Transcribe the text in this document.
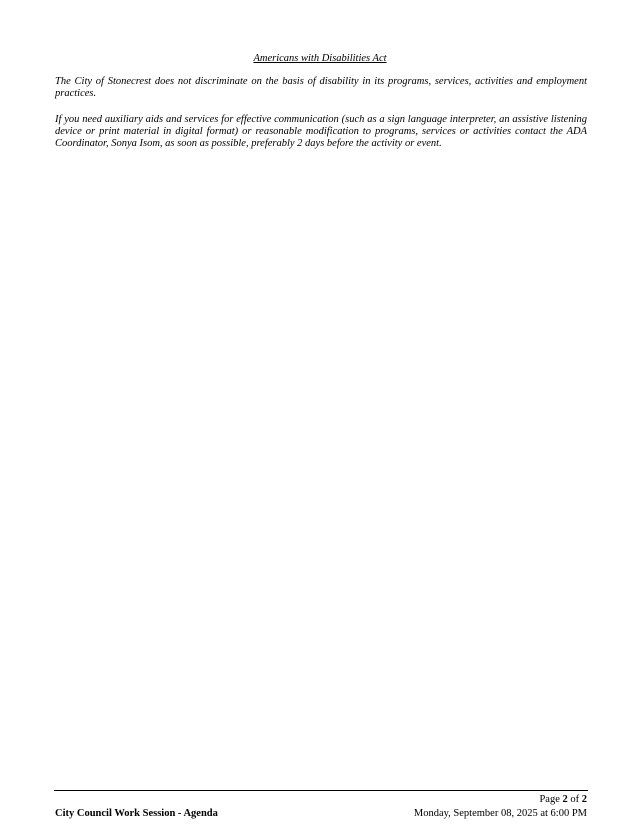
Americans with Disabilities Act

The City of Stonecrest does not discriminate on the basis of disability in its programs, services, activities and employment practices.

If you need auxiliary aids and services for effective communication (such as a sign language interpreter, an assistive listening device or print material in digital format) or reasonable modification to programs, services or activities contact the ADA Coordinator, Sonya Isom, as soon as possible, preferably 2 days before the activity or event.

Page 2 of 2
City Council Work Session - Agenda	Monday, September 08, 2025 at 6:00 PM
